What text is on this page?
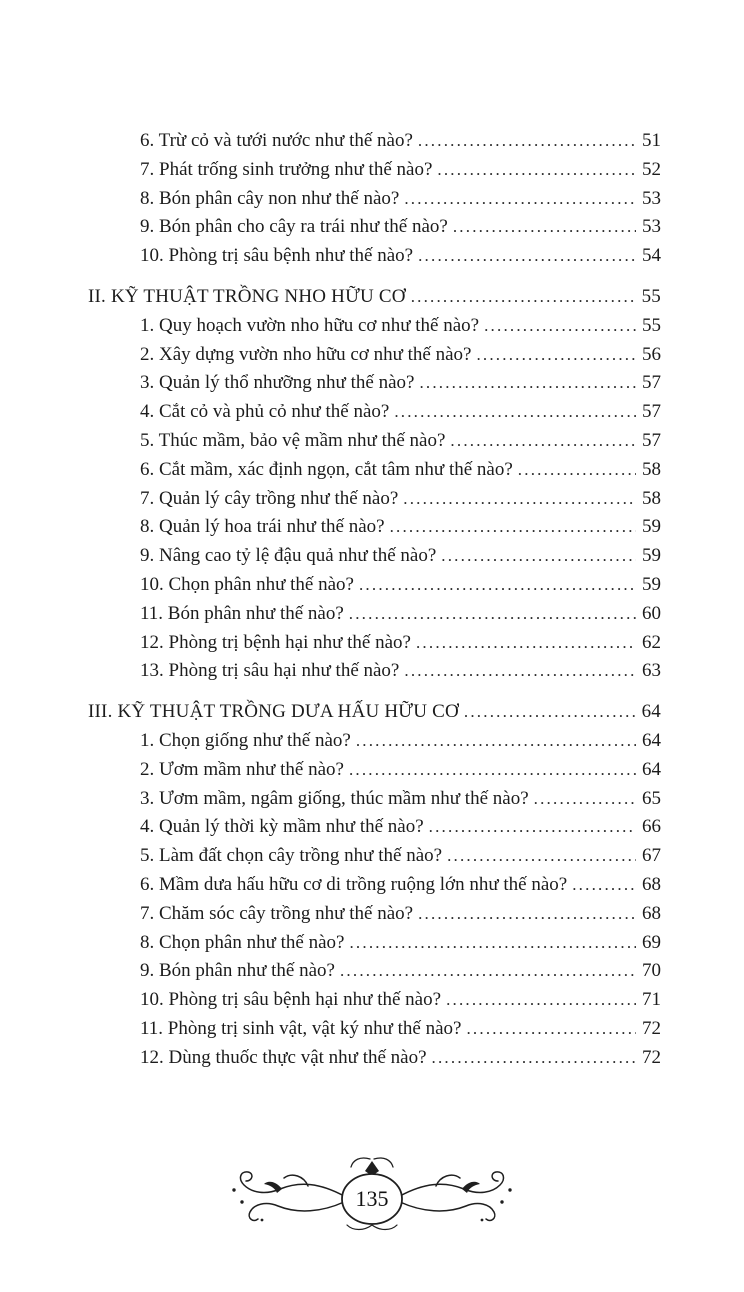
6. Trừ cỏ và tưới nước như thế nào? .....	51
7. Phát trống sinh trưởng như thế nào? .....	52
8. Bón phân cây non như thế nào? .....	53
9. Bón phân cho cây ra trái như thế nào? .....	53
10. Phòng trị sâu bệnh như thế nào? .....	54
II. KỸ THUẬT TRỒNG NHO HỮU CƠ .....	55
1. Quy hoạch vườn nho hữu cơ như thế nào? .....	55
2. Xây dựng vườn nho hữu cơ như thế nào? .....	56
3. Quản lý thổ nhưỡng như thế nào? .....	57
4. Cắt cỏ và phủ cỏ như thế nào? .....	57
5. Thúc mầm, bảo vệ mầm như thế nào? .....	57
6. Cắt mầm, xác định ngọn, cắt tâm như thế nào? .....	58
7. Quản lý cây trồng như thế nào? .....	58
8. Quản lý hoa trái như thế nào? .....	59
9. Nâng cao tỷ lệ đậu quả như thế nào? .....	59
10. Chọn phân như thế nào? .....	59
11. Bón phân như thế nào? .....	60
12. Phòng trị bệnh hại như thế nào? .....	62
13. Phòng trị sâu hại như thế nào? .....	63
III. KỸ THUẬT TRỒNG DƯA HẤU HỮU CƠ .....	64
1. Chọn giống như thế nào? .....	64
2. Ươm mầm như thế nào? .....	64
3. Ươm mầm, ngâm giống, thúc mầm như thế nào? .....	65
4. Quản lý thời kỳ mầm như thế nào? .....	66
5. Làm đất chọn cây trồng như thế nào? .....	67
6. Mầm dưa hấu hữu cơ di trồng ruộng lớn như thế nào? .....	68
7. Chăm sóc cây trồng như thế nào? .....	68
8. Chọn phân như thế nào? .....	69
9. Bón phân như thế nào? .....	70
10. Phòng trị sâu bệnh hại như thế nào? .....	71
11. Phòng trị sinh vật, vật ký như thế nào? .....	72
12. Dùng thuốc thực vật như thế nào? .....	72
135
